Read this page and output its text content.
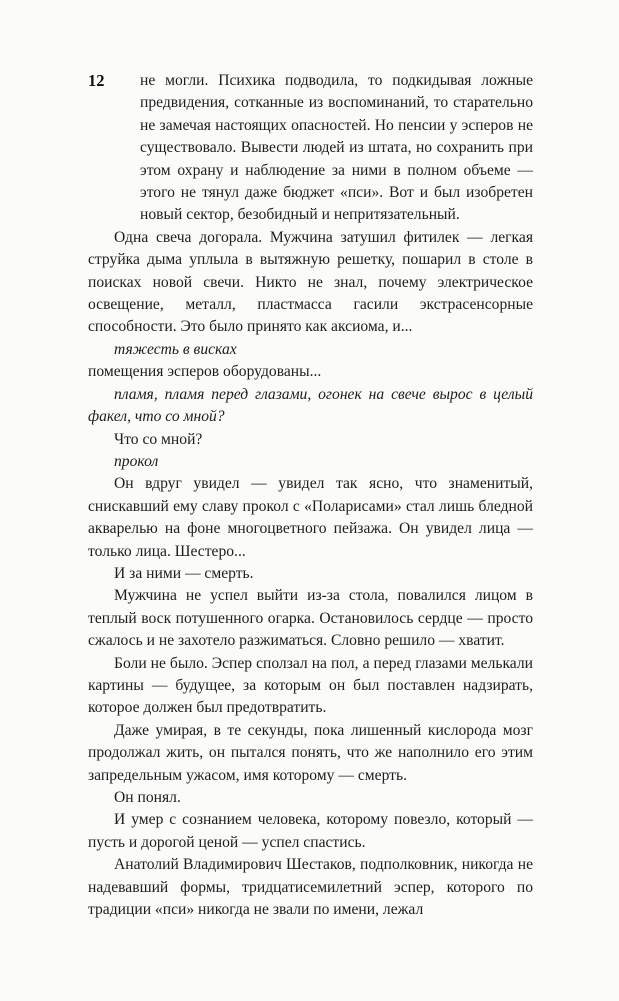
12	не могли. Психика подводила, то подкидывая ложные предвидения, сотканные из воспоминаний, то старательно не замечая настоящих опасностей. Но пенсии у эсперов не существовало. Вывести людей из штата, но сохранить при этом охрану и наблюдение за ними в полном объеме — этого не тянул даже бюджет «пси». Вот и был изобретен новый сектор, безобидный и непритязательный.

Одна свеча догорала. Мужчина затушил фитилек — легкая струйка дыма уплыла в вытяжную решетку, пошарил в столе в поисках новой свечи. Никто не знал, почему электрическое освещение, металл, пластмасса гасили экстрасенсорные способности. Это было принято как аксиома, и...

тяжесть в висках

помещения эсперов оборудованы...

пламя, пламя перед глазами, огонек на свече вырос в целый факел, что со мной?

Что со мной?

прокол

Он вдруг увидел — увидел так ясно, что знаменитый, снискавший ему славу прокол с «Поларисами» стал лишь бледной акварелью на фоне многоцветного пейзажа. Он увидел лица — только лица. Шестеро...

И за ними — смерть.

Мужчина не успел выйти из-за стола, повалился лицом в теплый воск потушенного огарка. Остановилось сердце — просто сжалось и не захотело разжиматься. Словно решило — хватит.

Боли не было. Эспер сползал на пол, а перед глазами мелькали картины — будущее, за которым он был поставлен надзирать, которое должен был предотвратить.

Даже умирая, в те секунды, пока лишенный кислорода мозг продолжал жить, он пытался понять, что же наполнило его этим запредельным ужасом, имя которому — смерть.

Он понял.

И умер с сознанием человека, которому повезло, который — пусть и дорогой ценой — успел спастись.

Анатолий Владимирович Шестаков, подполковник, никогда не надевавший формы, тридцатисемилетний эспер, которого по традиции «пси» никогда не звали по имени, лежал
